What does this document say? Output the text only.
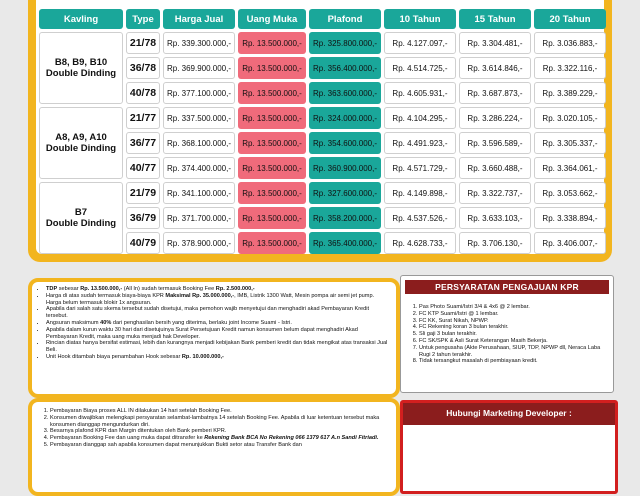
Kavling	Type	Harga Jual	Uang Muka	Plafond	10 Tahun	15 Tahun	20 Tahun
B8, B9, B10
Double Dinding	21/78	Rp. 339.300.000,-	Rp. 13.500.000,-	Rp. 325.800.000,-	Rp. 4.127.097,-	Rp. 3.304.481,-	Rp. 3.036.883,-
	36/78	Rp. 369.900.000,-	Rp. 13.500.000,-	Rp. 356.400.000,-	Rp. 4.514.725,-	Rp. 3.614.846,-	Rp. 3.322.116,-
	40/78	Rp. 377.100.000,-	Rp. 13.500.000,-	Rp. 363.600.000,-	Rp. 4.605.931,-	Rp. 3.687.873,-	Rp. 3.389.229,-
A8, A9, A10
Double Dinding	21/77	Rp. 337.500.000,-	Rp. 13.500.000,-	Rp. 324.000.000,-	Rp. 4.104.295,-	Rp. 3.286.224,-	Rp. 3.020.105,-
	36/77	Rp. 368.100.000,-	Rp. 13.500.000,-	Rp. 354.600.000,-	Rp. 4.491.923,-	Rp. 3.596.589,-	Rp. 3.305.337,-
	40/77	Rp. 374.400.000,-	Rp. 13.500.000,-	Rp. 360.900.000,-	Rp. 4.571.729,-	Rp. 3.660.488,-	Rp. 3.364.061,-
B7
Double Dinding	21/79	Rp. 341.100.000,-	Rp. 13.500.000,-	Rp. 327.600.000,-	Rp. 4.149.898,-	Rp. 3.322.737,-	Rp. 3.053.662,-
	36/79	Rp. 371.700.000,-	Rp. 13.500.000,-	Rp. 358.200.000,-	Rp. 4.537.526,-	Rp. 3.633.103,-	Rp. 3.338.894,-
	40/79	Rp. 378.900.000,-	Rp. 13.500.000,-	Rp. 365.400.000,-	Rp. 4.628.733,-	Rp. 3.706.130,-	Rp. 3.406.007,-
• TDP sebesar Rp. 13.500.000,- (All In) sudah termasuk Booking Fee Rp. 2.500.000,-
• Harga di atas sudah termasuk biaya-biaya KPR Maksimal Rp. 35.000.000,-, IMB, Listrik 1300 Watt, Mesin pompa air semi jet pump. Harga belum termasuk blokir 1x angsuran.
• Apabila dari salah satu skema tersebut sudah disetujui, maka pemohon wajib menyetujui dan menghadiri akad Pembayaran Kredit tersebut.
• Angsuran maksimum 40% dari penghasilan bersih yang diterima, berlaku joint Income Suami - Istri.
• Apabila dalam kurun waktu 30 hari dari disetujuinya Surat Persetujuan Kredit namun konsumen belum dapat menghadiri Akad Pembayaran Kredit, maka uang muka menjadi hak Developer.
• Rincian diatas hanya bersifat estimasi, lebih dan kurangnya menjadi kebijakan Bank pemberi kredit dan tidak mengikat atas transaksi Jual Beli.
• Unit Hook ditambah biaya penambahan Hook sebesar Rp. 10.000.000,-
1. Pembayaran Biaya proses ALL IN dilakukan 14 hari setelah Booking Fee.
2. Konsumen diwajibkan melengkapi persyaratan selambat-lambatnya 14 setelah Booking Fee. Apabila di luar ketentuan tersebut maka konsumen dianggap mengundurkan diri.
3. Besarnya plafond KPR dan Margin ditentukan oleh Bank pemberi KPR.
4. Pembayaran Booking Fee dan uang muka dapat ditransfer ke Rekening Bank BCA No Rekening 066 1379 617 A.n Sandi Fitriadi.
5. Pembayaran dianggap sah apabila konsumen dapat menunjukkan Bukti setor atau Transfer Bank dan
PERSYARATAN PENGAJUAN KPR
1. Pas Photo Suami/Istri 3/4 & 4x6 @ 2 lembar.
2. FC KTP Suami/Istri @ 1 lembar.
3. FC KK, Surat Nikah, NPWP.
4. FC Rekening koran 3 bulan terakhir.
5. Sli gaji 3 bulan terakhir.
6. FC SK/SPK & Asli Surat Keterangan Masih Bekerja.
7. Untuk pengusaha (Akte Perusahaan, SIUP, TDP, NPWP dll, Neraca Laba Rugi 2 tahun terakhir.
8. Tidak tersangkut masalah di pembiayaan kredit.
Hubungi Marketing Developer :
